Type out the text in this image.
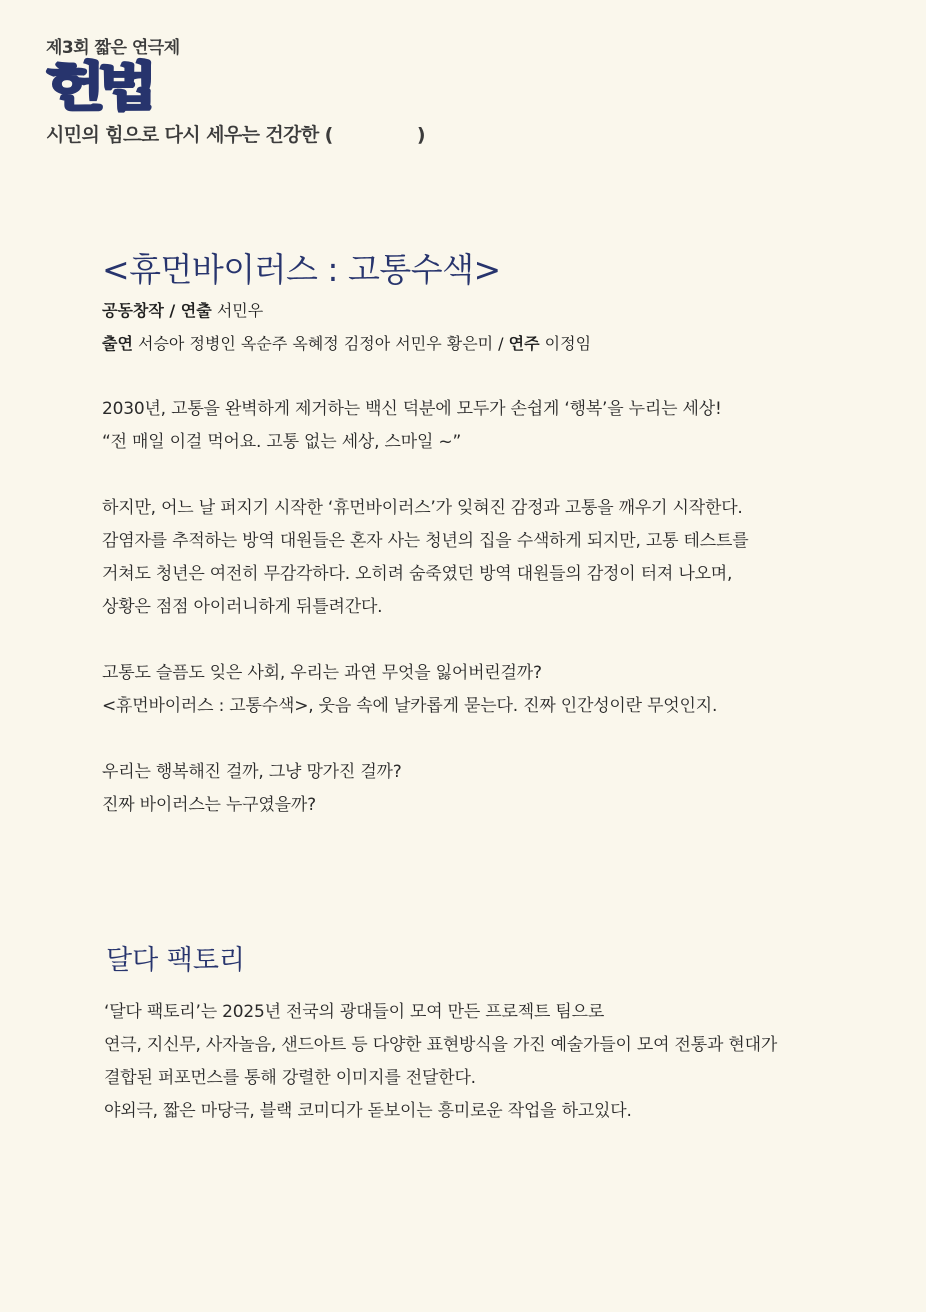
제3회 짧은 연극제
헌법
시민의 힘으로 다시 세우는 건강한 (              )
<휴먼바이러스 : 고통수색>
공동창작 / 연출 서민우
출연 서승아 정병인 옥순주 옥혜정 김정아 서민우 황은미 / 연주 이정임
2030년, 고통을 완벽하게 제거하는 백신 덕분에 모두가 손쉽게 ‘행복’을 누리는 세상!
“전 매일 이걸 먹어요. 고통 없는 세상, 스마일 ~”
하지만, 어느 날 퍼지기 시작한 ‘휴먼바이러스’가 잊혀진 감정과 고통을 깨우기 시작한다.
감염자를 추적하는 방역 대원들은 혼자 사는 청년의 집을 수색하게 되지만, 고통 테스트를
거쳐도 청년은 여전히 무감각하다. 오히려 숨죽였던 방역 대원들의 감정이 터져 나오며,
상황은 점점 아이러니하게 뒤틀려간다.
고통도 슬픔도 잊은 사회, 우리는 과연 무엇을 잃어버린걸까?
<휴먼바이러스 : 고통수색>, 웃음 속에 날카롭게 묻는다. 진짜 인간성이란 무엇인지.
우리는 행복해진 걸까, 그냥 망가진 걸까?
진짜 바이러스는 누구였을까?
달다 팩토리
‘달다 팩토리’는 2025년 전국의 광대들이 모여 만든 프로젝트 팀으로
연극, 지신무, 사자놀음, 샌드아트 등 다양한 표현방식을 가진 예술가들이 모여 전통과 현대가
결합된 퍼포먼스를 통해 강렬한 이미지를 전달한다.
야외극, 짧은 마당극, 블랙 코미디가 돋보이는 흥미로운 작업을 하고있다.
